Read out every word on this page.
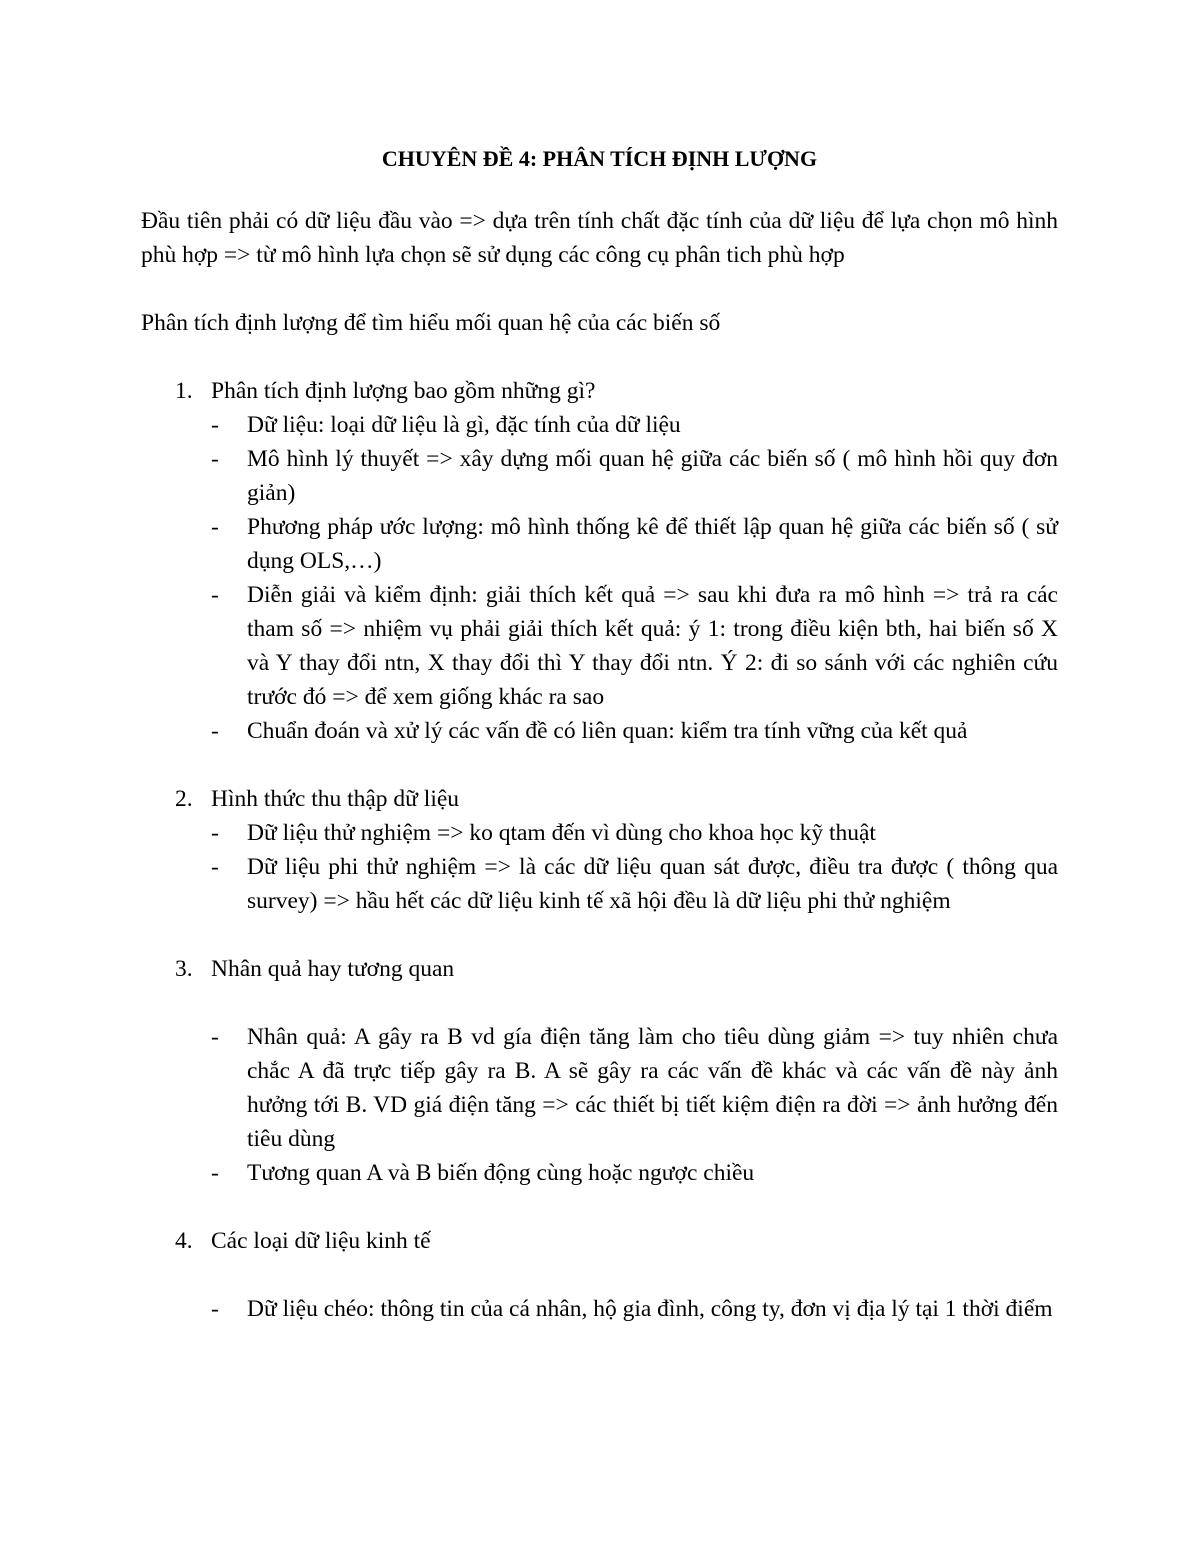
CHUYÊN ĐỀ 4: PHÂN TÍCH ĐỊNH LƯỢNG

Đầu tiên phải có dữ liệu đầu vào => dựa trên tính chất đặc tính của dữ liệu để lựa chọn mô hình phù hợp => từ mô hình lựa chọn sẽ sử dụng các công cụ phân tich phù hợp

Phân tích định lượng để tìm hiểu mối quan hệ của các biến số

1. Phân tích định lượng bao gồm những gì?

- Dữ liệu: loại dữ liệu là gì, đặc tính của dữ liệu
- Mô hình lý thuyết => xây dựng mối quan hệ giữa các biến số ( mô hình hồi quy đơn giản)
- Phương pháp ước lượng: mô hình thống kê để thiết lập quan hệ giữa các biến số ( sử dụng OLS,…)
- Diễn giải và kiểm định: giải thích kết quả => sau khi đưa ra mô hình => trả ra các tham số => nhiệm vụ phải giải thích kết quả: ý 1: trong điều kiện bth, hai biến số X và Y thay đổi ntn, X thay đổi thì Y thay đổi ntn. Ý 2: đi so sánh với các nghiên cứu trước đó => để xem giống khác ra sao
- Chuẩn đoán và xử lý các vấn đề có liên quan: kiểm tra tính vững của kết quả

2. Hình thức thu thập dữ liệu

- Dữ liệu thử nghiệm => ko qtam đến vì dùng cho khoa học kỹ thuật
- Dữ liệu phi thử nghiệm => là các dữ liệu quan sát được, điều tra được ( thông qua survey) => hầu hết các dữ liệu kinh tế xã hội đều là dữ liệu phi thử nghiệm

3. Nhân quả hay tương quan

- Nhân quả: A gây ra B vd gía điện tăng làm cho tiêu dùng giảm => tuy nhiên chưa chắc A đã trực tiếp gây ra B. A sẽ gây ra các vấn đề khác và các vấn đề này ảnh hưởng tới B. VD giá điện tăng => các thiết bị tiết kiệm điện ra đời => ảnh hưởng đến tiêu dùng
- Tương quan A và B biến động cùng hoặc ngược chiều

4. Các loại dữ liệu kinh tế

- Dữ liệu chéo: thông tin của cá nhân, hộ gia đình, công ty, đơn vị địa lý tại 1 thời điểm
